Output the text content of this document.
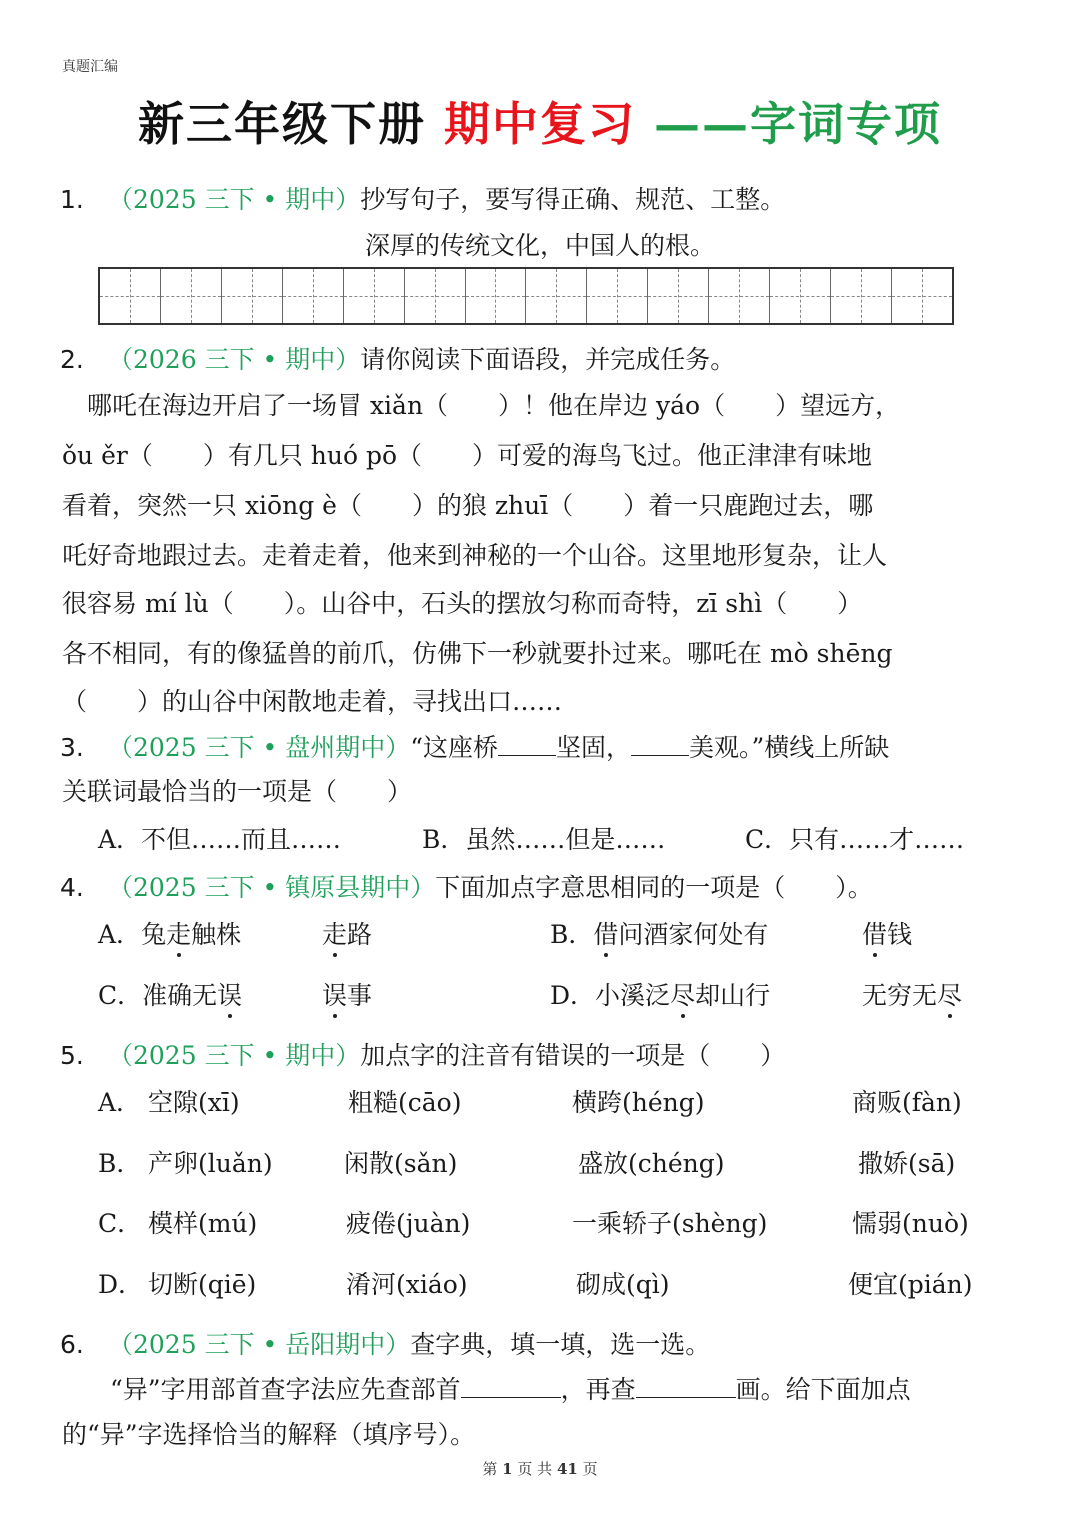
真题汇编
新三年级下册 期中复习 ——字词专项
1. （2025 三下 • 期中）抄写句子，要写得正确、规范、工整。
深厚的传统文化，中国人的根。
2. （2026 三下 • 期中）请你阅读下面语段，并完成任务。
　哪吒在海边开启了一场冒 xiǎn（　　）！他在岸边 yáo（　　）望远方，
ǒu ěr（　　）有几只 huó pō（　　）可爱的海鸟飞过。他正津津有味地
看着，突然一只 xiōng è（　　）的狼 zhuī（　　）着一只鹿跑过去，哪
吒好奇地跟过去。走着走着，他来到神秘的一个山谷。这里地形复杂，让人
很容易 mí lù（　　）。山谷中，石头的摆放匀称而奇特，zī shì（　　）
各不相同，有的像猛兽的前爪，仿佛下一秒就要扑过来。哪吒在 mò shēng
（　　）的山谷中闲散地走着，寻找出口……
3. （2025 三下 • 盘州期中）“这座桥 坚固， 美观。”横线上所缺
关联词最恰当的一项是（　　）
A．不但……而且……	B．虽然……但是……	C．只有……才……
4. （2025 三下 • 镇原县期中）下面加点字意思相同的一项是（　　）。
A．兔走触株	走路	B．借问酒家何处有	借钱
C．准确无误	误事	D．小溪泛尽却山行	无穷无尽
5. （2025 三下 • 期中）加点字的注音有错误的一项是（　　）
A． 空隙(xī)	粗糙(cāo)	横跨(héng)	商贩(fàn)
B． 产卵(luǎn)	闲散(sǎn)	盛放(chéng)	撒娇(sā)
C． 模样(mú)	疲倦(juàn)	一乘轿子(shèng)	懦弱(nuò)
D． 切断(qiē)	淆河(xiáo)	砌成(qì)	便宜(pián)
6. （2025 三下 • 岳阳期中）查字典，填一填，选一选。
“异”字用部首查字法应先查部首	，再查	画。给下面加点
的“异”字选择恰当的解释（填序号）。
第 1 页 共 41 页
